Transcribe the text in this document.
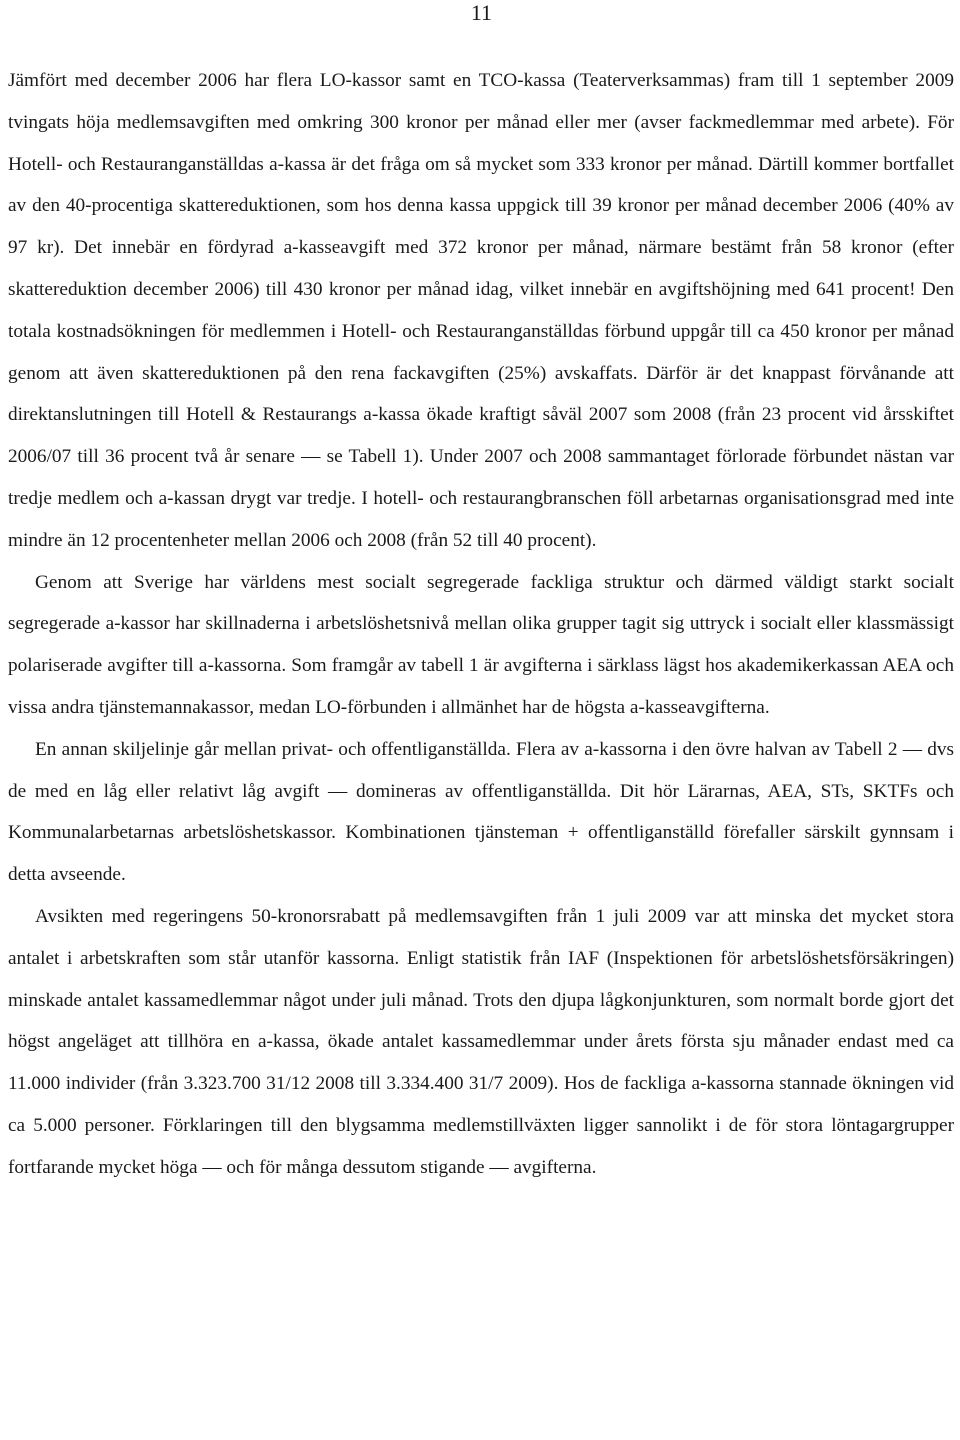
11

Jämfört med december 2006 har flera LO-kassor samt en TCO-kassa (Teaterverksammas) fram till 1 september 2009 tvingats höja medlemsavgiften med omkring 300 kronor per månad eller mer (avser fackmedlemmar med arbete). För Hotell- och Restauranganställdas a-kassa är det fråga om så mycket som 333 kronor per månad. Därtill kommer bortfallet av den 40-procentiga skattereduktionen, som hos denna kassa uppgick till 39 kronor per månad december 2006 (40% av 97 kr). Det innebär en fördyrad a-kasseavgift med 372 kronor per månad, närmare bestämt från 58 kronor (efter skattereduktion december 2006) till 430 kronor per månad idag, vilket innebär en avgiftshöjning med 641 procent! Den totala kostnadsökningen för medlemmen i Hotell- och Restauranganställdas förbund uppgår till ca 450 kronor per månad genom att även skattereduktionen på den rena fackavgiften (25%) avskaffats. Därför är det knappast förvånande att direktanslutningen till Hotell & Restaurangs a-kassa ökade kraftigt såväl 2007 som 2008 (från 23 procent vid årsskiftet 2006/07 till 36 procent två år senare — se Tabell 1). Under 2007 och 2008 sammantaget förlorade förbundet nästan var tredje medlem och a-kassan drygt var tredje. I hotell- och restaurangbranschen föll arbetarnas organisationsgrad med inte mindre än 12 procentenheter mellan 2006 och 2008 (från 52 till 40 procent).

Genom att Sverige har världens mest socialt segregerade fackliga struktur och därmed väldigt starkt socialt segregerade a-kassor har skillnaderna i arbetslöshetsnivå mellan olika grupper tagit sig uttryck i socialt eller klassmässigt polariserade avgifter till a-kassorna. Som framgår av tabell 1 är avgifterna i särklass lägst hos akademikerkassan AEA och vissa andra tjänstemannakassor, medan LO-förbunden i allmänhet har de högsta a-kasseavgifterna.

En annan skiljelinje går mellan privat- och offentliganställda. Flera av a-kassorna i den övre halvan av Tabell 2 — dvs de med en låg eller relativt låg avgift — domineras av offentliganställda. Dit hör Lärarnas, AEA, STs, SKTFs och Kommunalarbetarnas arbetslöshetskassor. Kombinationen tjänsteman + offentliganställd förefaller särskilt gynnsam i detta avseende.

Avsikten med regeringens 50-kronorsrabatt på medlemsavgiften från 1 juli 2009 var att minska det mycket stora antalet i arbetskraften som står utanför kassorna. Enligt statistik från IAF (Inspektionen för arbetslöshetsförsäkringen) minskade antalet kassamedlemmar något under juli månad. Trots den djupa lågkonjunkturen, som normalt borde gjort det högst angeläget att tillhöra en a-kassa, ökade antalet kassamedlemmar under årets första sju månader endast med ca 11.000 individer (från 3.323.700 31/12 2008 till 3.334.400 31/7 2009). Hos de fackliga a-kassorna stannade ökningen vid ca 5.000 personer. Förklaringen till den blygsamma medlemstillväxten ligger sannolikt i de för stora löntagargrupper fortfarande mycket höga — och för många dessutom stigande — avgifterna.
